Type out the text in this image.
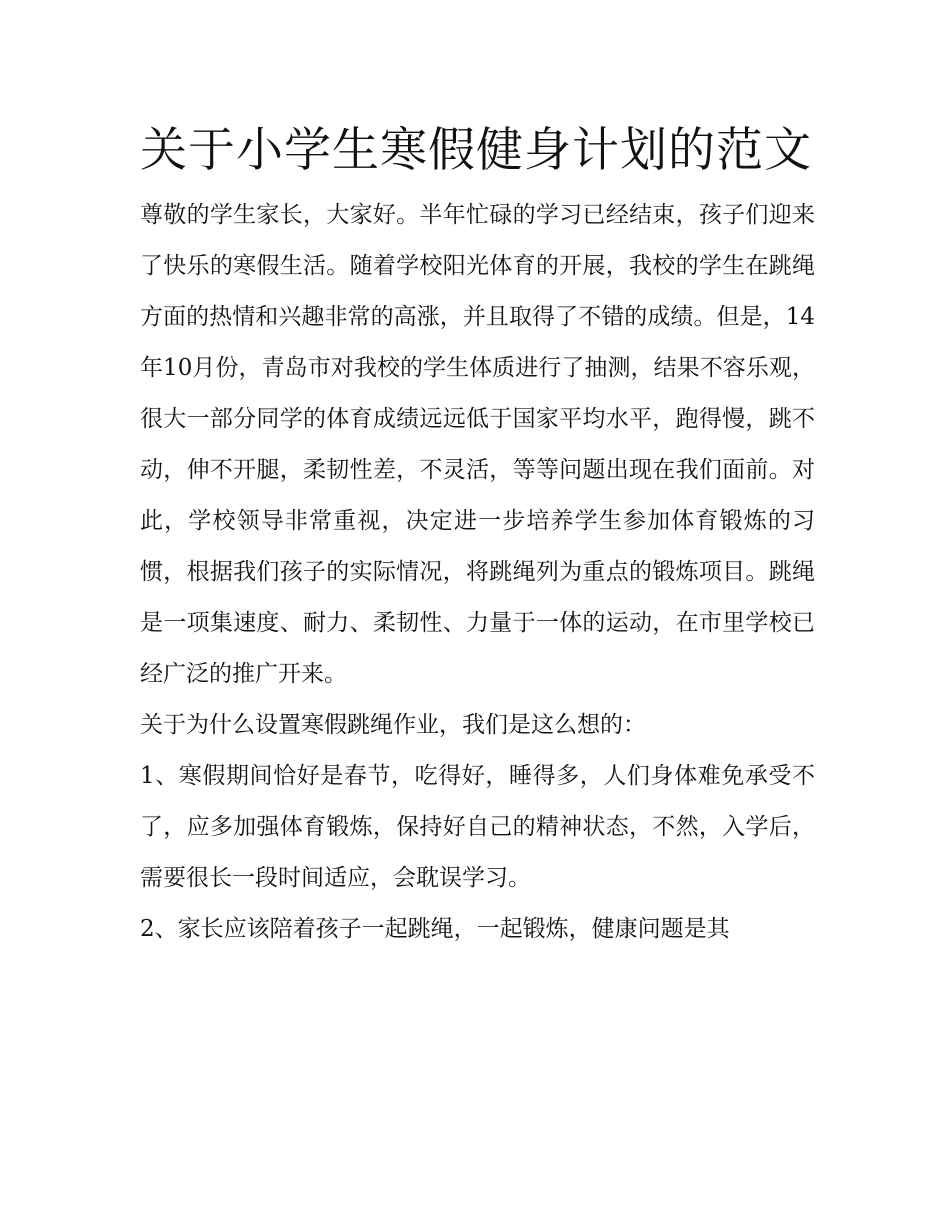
关于小学生寒假健身计划的范文

尊敬的学生家长，大家好。半年忙碌的学习已经结束，孩子们迎来了快乐的寒假生活。随着学校阳光体育的开展，我校的学生在跳绳方面的热情和兴趣非常的高涨，并且取得了不错的成绩。但是，14年10月份，青岛市对我校的学生体质进行了抽测，结果不容乐观，很大一部分同学的体育成绩远远低于国家平均水平，跑得慢，跳不动，伸不开腿，柔韧性差，不灵活，等等问题出现在我们面前。对此，学校领导非常重视，决定进一步培养学生参加体育锻炼的习惯，根据我们孩子的实际情况，将跳绳列为重点的锻炼项目。跳绳是一项集速度、耐力、柔韧性、力量于一体的运动，在市里学校已经广泛的推广开来。

关于为什么设置寒假跳绳作业，我们是这么想的：

1、寒假期间恰好是春节，吃得好，睡得多，人们身体难免承受不了，应多加强体育锻炼，保持好自己的精神状态，不然，入学后，需要很长一段时间适应，会耽误学习。

2、家长应该陪着孩子一起跳绳，一起锻炼，健康问题是其
